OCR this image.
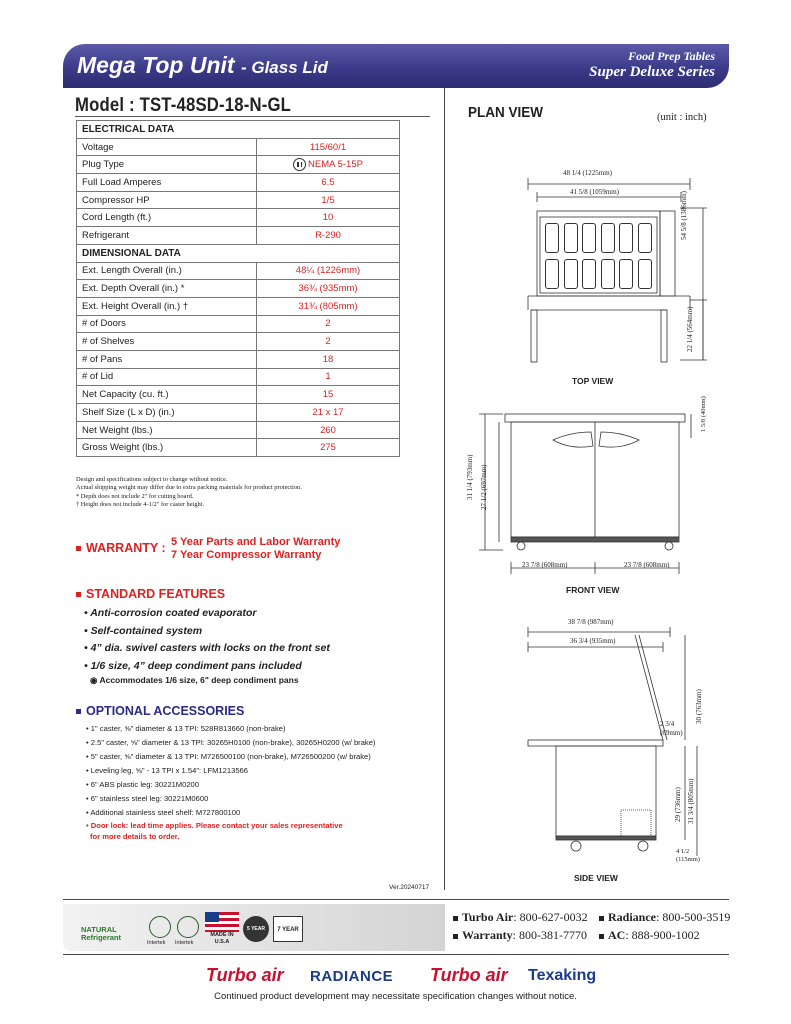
Mega Top Unit - Glass Lid
Food Prep Tables
Super Deluxe Series
Model : TST-48SD-18-N-GL
ELECTRICAL DATA	
Voltage	115/60/1
Plug Type	NEMA 5-15P
Full Load Amperes	6.5
Compressor HP	1/5
Cord Length (ft.)	10
Refrigerant	R-290
DIMENSIONAL DATA	
Ext. Length Overall (in.)	48¼ (1226mm)
Ext. Depth Overall (in.) *	36¾ (935mm)
Ext. Height Overall (in.) †	31¾ (805mm)
# of Doors	2
# of Shelves	2
# of Pans	18
# of Lid	1
Net Capacity (cu. ft.)	15
Shelf Size (L x D) (in.)	21 x 17
Net Weight (lbs.)	260
Gross Weight (lbs.)	275
Design and specifications subject to change without notice.
Actual shipping weight may differ due to extra packing materials for product protection.
* Depth does not include 2" for cutting board.
† Height does not include 4-1/2" for caster height.
WARRANTY : 5 Year Parts and Labor Warranty
7 Year Compressor Warranty
STANDARD FEATURES
• Anti-corrosion coated evaporator
• Self-contained system
• 4” dia. swivel casters with locks on the front set
• 1/6 size, 4” deep condiment pans included
◉ Accommodates 1/6 size, 6" deep condiment pans
OPTIONAL ACCESSORIES
• 1" caster, ⅝" diameter & 13 TPI: 528R813660 (non-brake)
• 2.5" caster, ⅝" diameter & 13 TPI: 30265H0100 (non-brake), 30265H0200 (w/ brake)
• 5" caster, ⅝" diameter & 13 TPI: M726500100 (non-brake), M726500200 (w/ brake)
• Leveling leg, ⅝" - 13 TPI x 1.54": LFM1213566
• 6" ABS plastic leg: 30221M0200
• 6" stainless steel leg: 30221M0600
• Additional stainless steel shelf: M727800100
• Door lock: lead time applies. Please contact your sales representative
for more details to order.
Ver.20240717
PLAN VIEW	(unit : inch)
48 1/4 (1225mm)
41 5/8 (1059mm)	54 5/8 (1386mm)
22 1/4 (564mm)
TOP VIEW
1 5/8 (40mm)
31 1/4 (793mm) 27 1/2 (697mm)
23 7/8 (608mm)	23 7/8 (608mm)
FRONT VIEW
38 7/8 (987mm)
36 3/4 (935mm)
30 (763mm)
2 3/4 (69mm)
29 (736mm) 31 3/4 (805mm)
4 1/2 (115mm)
SIDE VIEW
NATURAL Refrigerant
Intertek Intertek
MADE IN U.S.A
5 YEAR	7 YEAR
Turbo Air: 800-627-0032	Radiance: 800-500-3519
Warranty: 800-381-7770	AC: 888-900-1002
Turbo air RADIANCE Turbo air Texaking
Continued product development may necessitate specification changes without notice.
